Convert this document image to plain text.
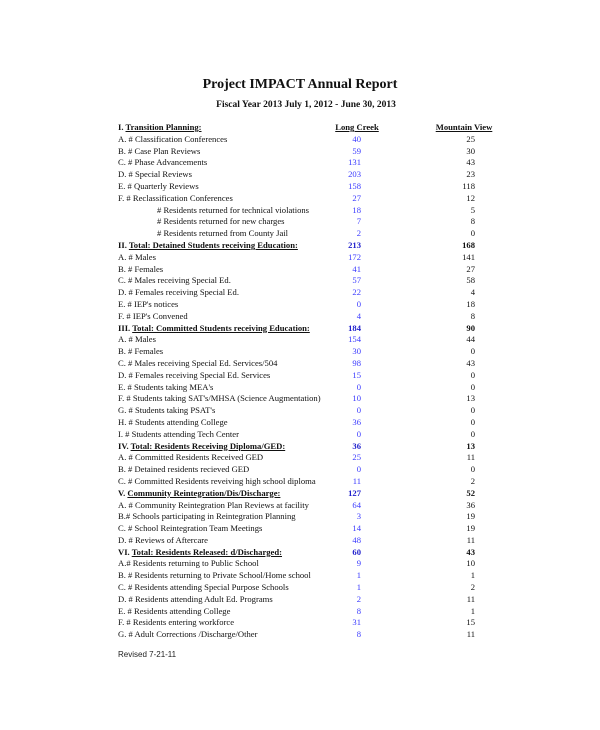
Project IMPACT Annual Report
Fiscal Year 2013 July 1, 2012 - June 30, 2013
I. Transition Planning:	Long Creek	Mountain View
A. # Classification Conferences	40	25
B. # Case Plan Reviews	59	30
C. # Phase Advancements	131	43
D. # Special Reviews	203	23
E. # Quarterly Reviews	158	118
F. # Reclassification Conferences	27	12
# Residents returned for technical violations	18	5
# Residents returned for new charges	7	8
# Residents returned from County Jail	2	0
II. Total: Detained Students receiving Education:	213	168
A. # Males	172	141
B. # Females	41	27
C. # Males receiving Special Ed.	57	58
D. # Females receiving Special Ed.	22	4
E. # IEP's notices	0	18
F. # IEP's Convened	4	8
III. Total: Committed Students receiving Education:	184	90
A. # Males	154	44
B. # Females	30	0
C. # Males receiving Special Ed. Services/504	98	43
D. # Females receiving Special Ed. Services	15	0
E. # Students taking MEA's	0	0
F. # Students taking SAT's/MHSA (Science Augmentation)	10	13
G. # Students taking PSAT's	0	0
H. # Students attending College	36	0
I. # Students attending Tech Center	0	0
IV. Total: Residents Receiving Diploma/GED:	36	13
A. # Committed Residents Received GED	25	11
B. # Detained residents recieved GED	0	0
C. # Committed Residents reveiving high school diploma	11	2
V. Community Reintegration/Dis/Discharge:	127	52
A. # Community Reintegration Plan Reviews at facility	64	36
B.# Schools participating in Reintegration Planning	3	19
C. # School Reintegration Team Meetings	14	19
D. # Reviews of Aftercare	48	11
VI. Total: Residents Released: d/Discharged:	60	43
A.# Residents returning to Public School	9	10
B. # Residents returning to Private School/Home school	1	1
C. # Residents attending Special Purpose Schools	1	2
D. # Residents attending Adult Ed. Programs	2	11
E. # Residents attending College	8	1
F. # Residents entering workforce	31	15
G. # Adult Corrections /Discharge/Other	8	11
Revised 7-21-11
